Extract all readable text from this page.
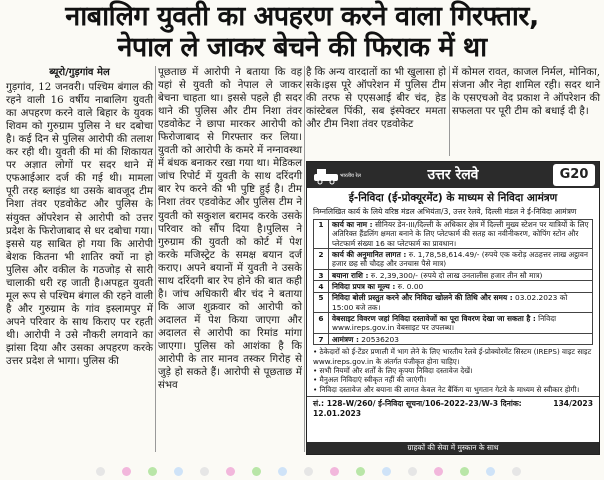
नाबालिग युवती का अपहरण करने वाला गिरफ्तार,
नेपाल ले जाकर बेचने की फिराक में था
ब्यूरो/गुड़गांव मेल

गुड़गांव, 12 जनवरी। पश्चिम बंगाल की रहने वाली 16 वर्षीय नाबालिग युवती का अपहरण करने वाले बिहार के युवक शिवम को गुरुग्राम पुलिस ने धर दबोचा है। कई दिन से पुलिस आरोपी की तलाश कर रही थी। युवती की मां की शिकायत पर अज्ञात लोगों पर सदर थाने में एफआईआर दर्ज की गई थी। मामला पूरी तरह ब्लाइंड था उसके बावजूद टीम निशा तंवर एडवोकेट और पुलिस के संयुक्त ऑपरेशन से आरोपी को उत्तर प्रदेश के फिरोजाबाद से धर दबोचा गया। इससे यह साबित हो गया कि आरोपी बेशक कितना भी शातिर क्यों ना हो पुलिस और वकील के गठजोड़ से सारी चालाकी धरी रह जाती है।अपहृत युवती मूल रूप से पश्चिम बंगाल की रहने वाली है और गुरुग्राम के गांव इस्लामपुर में अपने परिवार के साथ किराए पर रहती थी। आरोपी ने उसे नौकरी लगवाने का झांसा दिया और उसका अपहरण करके उत्तर प्रदेश ले भागा। पुलिस की

पूछताछ में आरोपी ने बताया कि वह यहां से युवती को नेपाल ले जाकर बेचना चाहता था। इससे पहले ही सदर थाने की पुलिस और टीम निशा तंवर एडवोकेट ने छापा मारकर आरोपी को फिरोजाबाद से गिरफ्तार कर लिया। युवती को आरोपी के कमरे में नग्नावस्था में बंधक बनाकर रखा गया था। मेडिकल जांच रिपोर्ट में युवती के साथ दरिंदगी बार रेप करने की भी पुष्टि हुई है। टीम निशा तंवर एडवोकेट और पुलिस टीम ने युवती को सकुशल बरामद करके उसके परिवार को सौंप दिया है।पुलिस ने गुरुग्राम की युवती को कोर्ट में पेश करके मजिस्ट्रेट के समक्ष बयान दर्ज कराए। अपने बयानों में युवती ने उसके साथ दरिंदगी बार रेप होने की बात कही है। जांच अधिकारी बीर चंद ने बताया कि आज शुक्रवार को आरोपी को अदालत में पेश किया जाएगा और अदालत से आरोपी का रिमांड मांगा जाएगा। पुलिस को आशंका है कि आरोपी के तार मानव तस्कर गिरोह से जुड़े हो सकते हैं। आरोपी से पूछताछ में संभव

है कि अन्य वारदातों का भी खुलासा हो सके।इस पूरे ऑपरेशन में पुलिस टीम की तरफ से एएसआई बीर चंद, हेड कांस्टेबल पिंकी, सब इंस्पेक्टर ममता और टीम निशा तंवर एडवोकेट

में कोमल रावत, काजल निर्मल, मोनिका, संजना और नेहा शामिल रही। सदर थाने के एसएचओ वेद प्रकाश ने ऑपरेशन की सफलता पर पूरी टीम को बधाई दी है।

भारतीय रेल	उत्तर रेलवे	G20
ई-निविदा (ई-प्रोक्यूरमेंट) के माध्यम से निविदा आमंत्रण
निम्नलिखित कार्य के लिये वरिष्ठ मंडल अभियंता/3, उत्तर रेलवे, दिल्ली मंडल ने ई-निविदा आमंत्रण
1	कार्य का नाम : सीनियर डेन-III/दिल्ली के अधिकार क्षेत्र में दिल्ली मुख्य स्टेशन पर यात्रियों के लिए अतिरिक्त हैंडलिंग क्षमता बनाने के लिए प्लेटफार्म की सतह का नवीनीकरण, कोपिंग स्टोन और प्लेटफार्म संख्या 16 का प्लेटफार्म का प्रावधान।
2	कार्य की अनुमानित लागत : रु. 1,78,58,614.49/- (रुपये एक करोड़ अठहत्तर लाख अट्ठावन हजार छह सौ चौदह और उनचास पैसे मात्र)
3	बयाना राशि : रु. 2,39,300/- (रुपये दो लाख उनतालीस हजार तीन सौ मात्र)
4	निविदा प्रपत्र का मूल्य : रु. 0.00
5	निविदा बोली प्रस्तुत करने और निविदा खोलने की तिथि और समय : 03.02.2023 को 15:00 बजे तक।
6	वेबसाइट विवरण जहां निविदा दस्तावेजों का पूरा विवरण देखा जा सकता है : निविदा www.ireps.gov.in वेबसाइट पर उपलब्ध।
7	आमंत्रण : 20536203
• ठेकेदारों को ई-टेंडर प्रणाली में भाग लेने के लिए भारतीय रेलवे ई-प्रोक्योरमेंट सिस्टम (IREPS) वाइट साइट www.ireps.gov.in के अंतर्गत पंजीकृत होना चाहिए।
• सभी नियमों और शर्तों के लिए कृपया निविदा दस्तावेज देखें।
• मैनुअल निविदाएं स्वीकृत नहीं की जाएंगी।
• निविदा दस्तावेज और बयाना की लागत केवल नेट बैंकिंग या भुगतान गेटवे के माध्यम से स्वीकार होगी।
सं.: 128-W/260/ ई-निविदा सूचना/106-2022-23/W-3 दिनांक: 12.01.2023
134/2023
ग्राहकों की सेवा में मुस्कान के साथ
